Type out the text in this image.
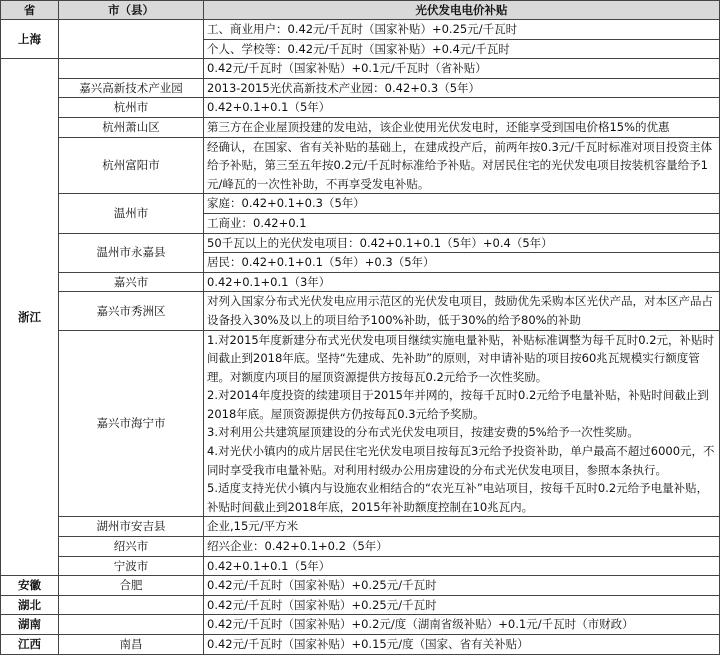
省	市（县）	光伏发电电价补贴
上海		工、商业用户：0.42元/千瓦时（国家补贴）+0.25元/千瓦时
		个人、学校等：0.42元/千瓦时（国家补贴）+0.4元/千瓦时
浙江		0.42元/千瓦时（国家补贴）+0.1元/千瓦时（省补贴）
	嘉兴高新技术产业园	2013-2015光伏高新技术产业园：0.42+0.3（5年）
	杭州市	0.42+0.1+0.1（5年）
	杭州萧山区	第三方在企业屋顶投建的发电站，该企业使用光伏发电时，还能享受到国电价格15%的优惠
	杭州富阳市	经确认，在国家、省有关补贴的基础上，在建成投产后，前两年按0.3元/千瓦时标准对项目投资主体给予补贴，第三至五年按0.2元/千瓦时标准给予补贴。对居民住宅的光伏发电项目按装机容量给予1元/峰瓦的一次性补助，不再享受发电补贴。
	温州市	家庭：0.42+0.1+0.3（5年）
		工商业：0.42+0.1
	温州市永嘉县	50千瓦以上的光伏发电项目：0.42+0.1+0.1（5年）+0.4（5年）
		居民：0.42+0.1+0.1（5年）+0.3（5年）
	嘉兴市	0.42+0.1+0.1（3年）
	嘉兴市秀洲区	对列入国家分布式光伏发电应用示范区的光伏发电项目，鼓励优先采购本区光伏产品，对本区产品占设备投入30%及以上的项目给予100%补助，低于30%的给予80%的补助
	嘉兴市海宁市	1.对2015年度新建分布式光伏发电项目继续实施电量补贴，补贴标准调整为每千瓦时0.2元，补贴时间截止到2018年底。坚持“先建成、先补助”的原则，对申请补贴的项目按60兆瓦规模实行额度管理。对额度内项目的屋顶资源提供方按每瓦0.2元给予一次性奖励。
2.对2014年度投资的续建项目于2015年并网的，按每千瓦时0.2元给予电量补贴，补贴时间截止到2018年底。屋顶资源提供方仍按每瓦0.3元给予奖励。
3.对利用公共建筑屋顶建设的分布式光伏发电项目，按建安费的5%给予一次性奖励。
4.对光伏小镇内的成片居民住宅光伏发电项目按每瓦3元给予投资补助，单户最高不超过6000元，不同时享受我市电量补贴。对利用村级办公用房建设的分布式光伏发电项目，参照本条执行。
5.适度支持光伏小镇内与设施农业相结合的“农光互补”电站项目，按每千瓦时0.2元给予电量补贴，补贴时间截止到2018年底，2015年补助额度控制在10兆瓦内。

	湖州市安吉县	企业,15元/平方米
	绍兴市	绍兴企业：0.42+0.1+0.2（5年）
	宁波市	0.42+0.1+0.1（5年）
安徽	合肥	0.42元/千瓦时（国家补贴）+0.25元/千瓦时
湖北		0.42元/千瓦时（国家补贴）+0.25元/千瓦时
湖南		0.42元/千瓦时（国家补贴）+0.2元/度（湖南省级补贴）+0.1元/千瓦时（市财政）
江西	南昌	0.42元/千瓦时（国家补贴）+0.15元/度（国家、省有关补贴）
